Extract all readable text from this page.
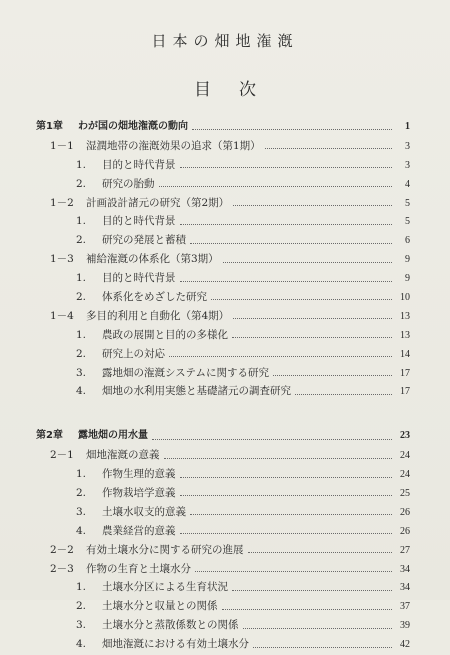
日本の畑地潅漑
目次
第1章	わが国の畑地潅漑の動向	1
1－1	湿潤地帯の潅漑効果の追求（第1期）	3
1.	目的と時代背景	3
2.	研究の胎動	4
1－2	計画設計諸元の研究（第2期）	5
1.	目的と時代背景	5
2.	研究の発展と蓄積	6
1－3	補給潅漑の体系化（第3期）	9
1.	目的と時代背景	9
2.	体系化をめざした研究	10
1－4	多目的利用と自動化（第4期）	13
1.	農政の展開と目的の多様化	13
2.	研究上の対応	14
3.	露地畑の潅漑システムに関する研究	17
4.	畑地の水利用実態と基礎諸元の調査研究	17
第2章	露地畑の用水量	23
2－1	畑地潅漑の意義	24
1.	作物生理的意義	24
2.	作物栽培学意義	25
3.	土壌水収支的意義	26
4.	農業経営的意義	26
2－2	有効土壌水分に関する研究の進展	27
2－3	作物の生育と土壌水分	34
1.	土壌水分区による生育状況	34
2.	土壌水分と収量との関係	37
3.	土壌水分と蒸散係数との関係	39
4.	畑地潅漑における有効土壌水分	42
